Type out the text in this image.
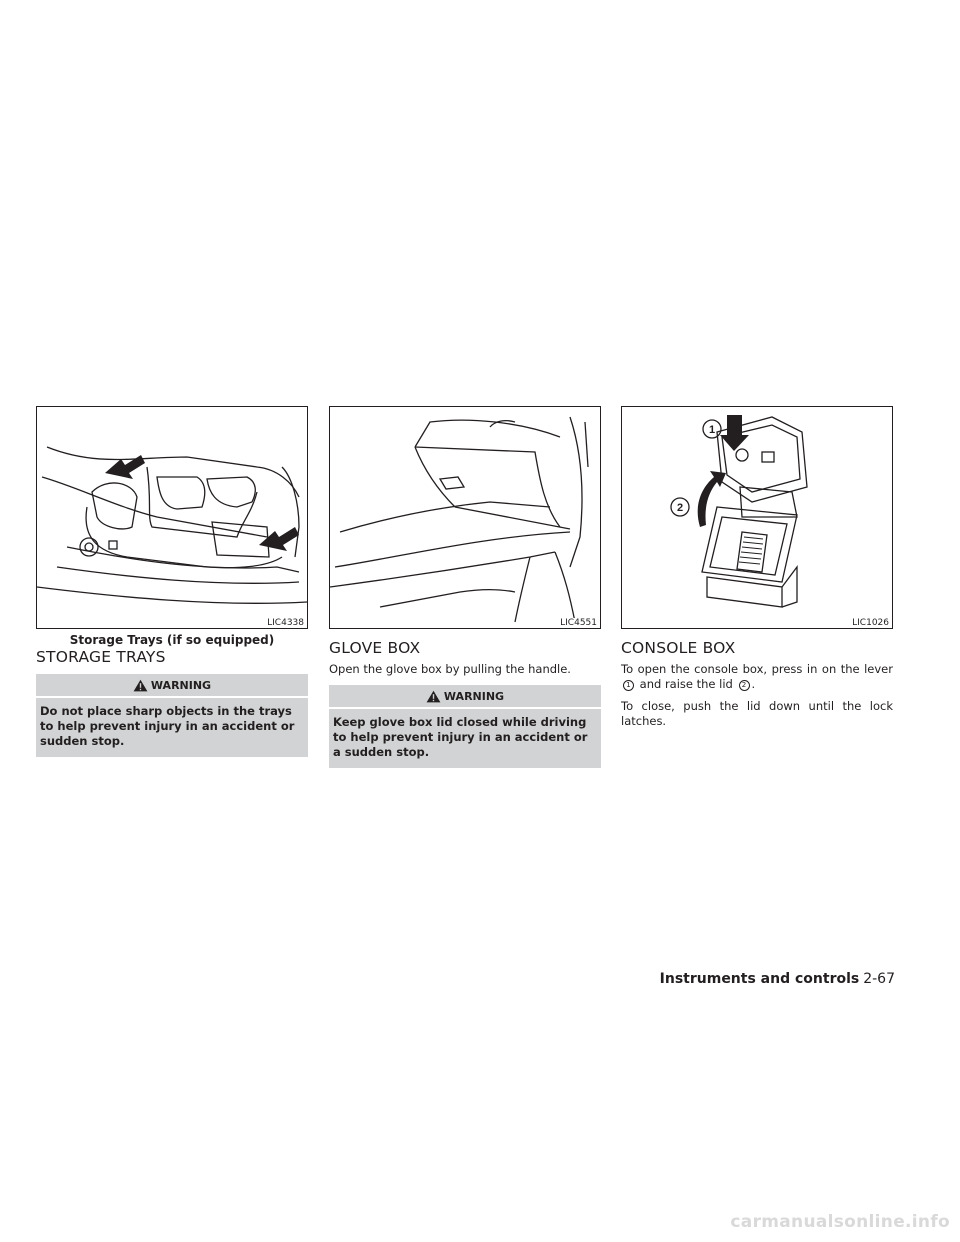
LIC4338
Storage Trays (if so equipped)
STORAGE TRAYS
WARNING
Do not place sharp objects in the trays to help prevent injury in an accident or sudden stop.
LIC4551
GLOVE BOX

Open the glove box by pulling the handle.

WARNING
Keep glove box lid closed while driving to help prevent injury in an accident or a sudden stop.
1
2
LIC1026
CONSOLE BOX

To open the console box, press in on the lever 1 and raise the lid 2 .

To close, push the lid down until the lock latches.

Instruments and controls 2-67
carmanualsonline.info
